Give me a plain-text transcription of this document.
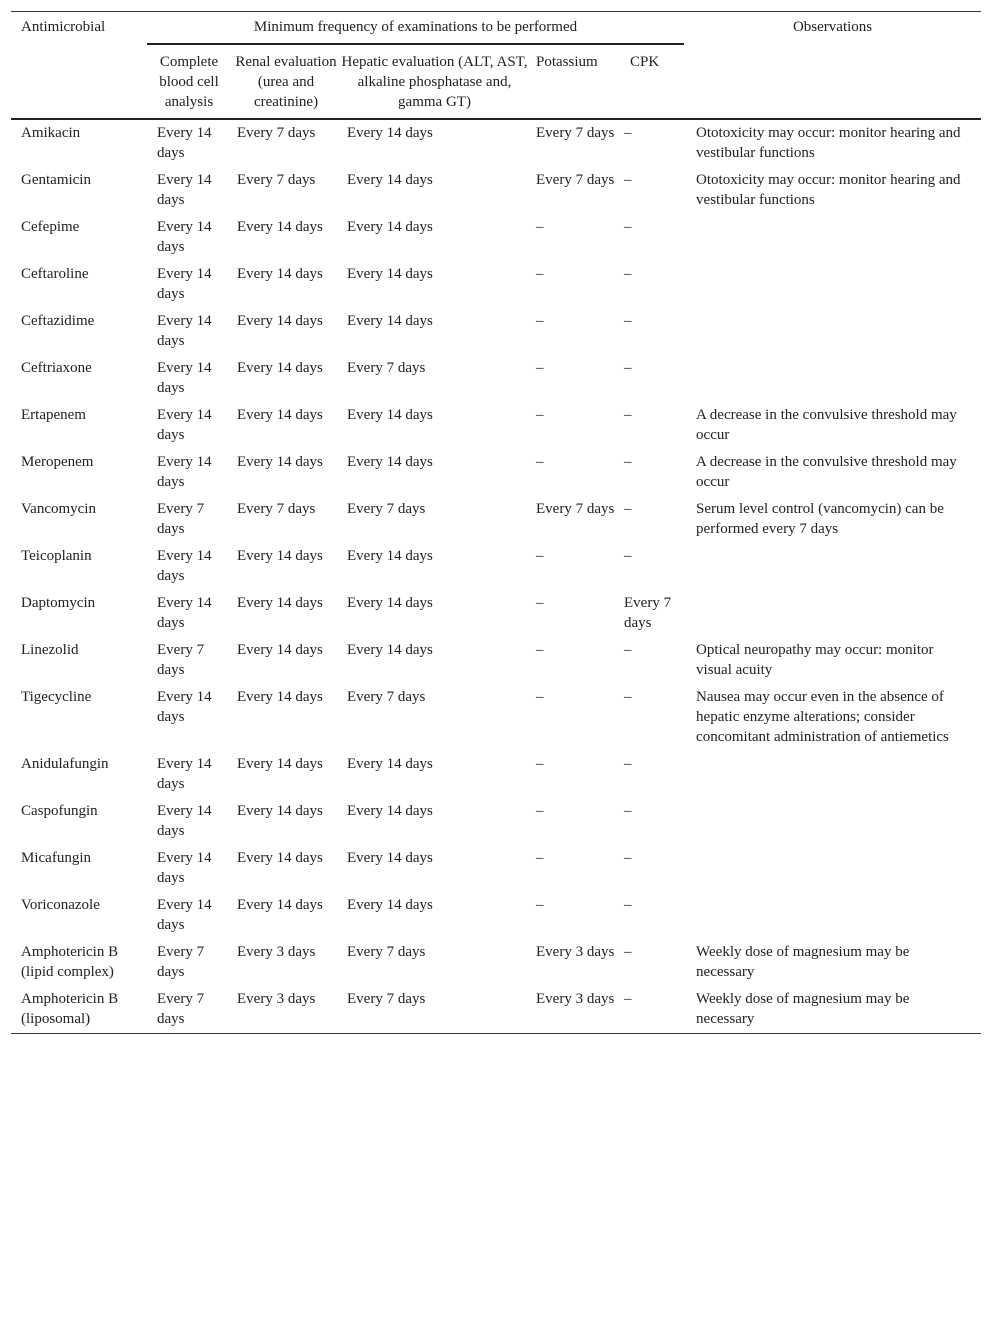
Antimicrobial	Minimum frequency of examinations to be performed					Observations
	Complete blood cell analysis	Renal evaluation (urea and creatinine)	Hepatic evaluation (ALT, AST, alkaline phosphatase and, gamma GT)	Potassium	CPK	
Amikacin	Every 14 days	Every 7 days	Every 14 days	Every 7 days	–	Ototoxicity may occur: monitor hearing and vestibular functions
Gentamicin	Every 14 days	Every 7 days	Every 14 days	Every 7 days	–	Ototoxicity may occur: monitor hearing and vestibular functions
Cefepime	Every 14 days	Every 14 days	Every 14 days	–	–	
Ceftaroline	Every 14 days	Every 14 days	Every 14 days	–	–	
Ceftazidime	Every 14 days	Every 14 days	Every 14 days	–	–	
Ceftriaxone	Every 14 days	Every 14 days	Every 7 days	–	–	
Ertapenem	Every 14 days	Every 14 days	Every 14 days	–	–	A decrease in the convulsive threshold may occur
Meropenem	Every 14 days	Every 14 days	Every 14 days	–	–	A decrease in the convulsive threshold may occur
Vancomycin	Every 7 days	Every 7 days	Every 7 days	Every 7 days	–	Serum level control (vancomycin) can be performed every 7 days
Teicoplanin	Every 14 days	Every 14 days	Every 14 days	–	–	
Daptomycin	Every 14 days	Every 14 days	Every 14 days	–	Every 7 days	
Linezolid	Every 7 days	Every 14 days	Every 14 days	–	–	Optical neuropathy may occur: monitor visual acuity
Tigecycline	Every 14 days	Every 14 days	Every 7 days	–	–	Nausea may occur even in the absence of hepatic enzyme alterations; consider concomitant administration of antiemetics
Anidulafungin	Every 14 days	Every 14 days	Every 14 days	–	–	
Caspofungin	Every 14 days	Every 14 days	Every 14 days	–	–	
Micafungin	Every 14 days	Every 14 days	Every 14 days	–	–	
Voriconazole	Every 14 days	Every 14 days	Every 14 days	–	–	
Amphotericin B (lipid complex)	Every 7 days	Every 3 days	Every 7 days	Every 3 days	–	Weekly dose of magnesium may be necessary
Amphotericin B (liposomal)	Every 7 days	Every 3 days	Every 7 days	Every 3 days	–	Weekly dose of magnesium may be necessary
